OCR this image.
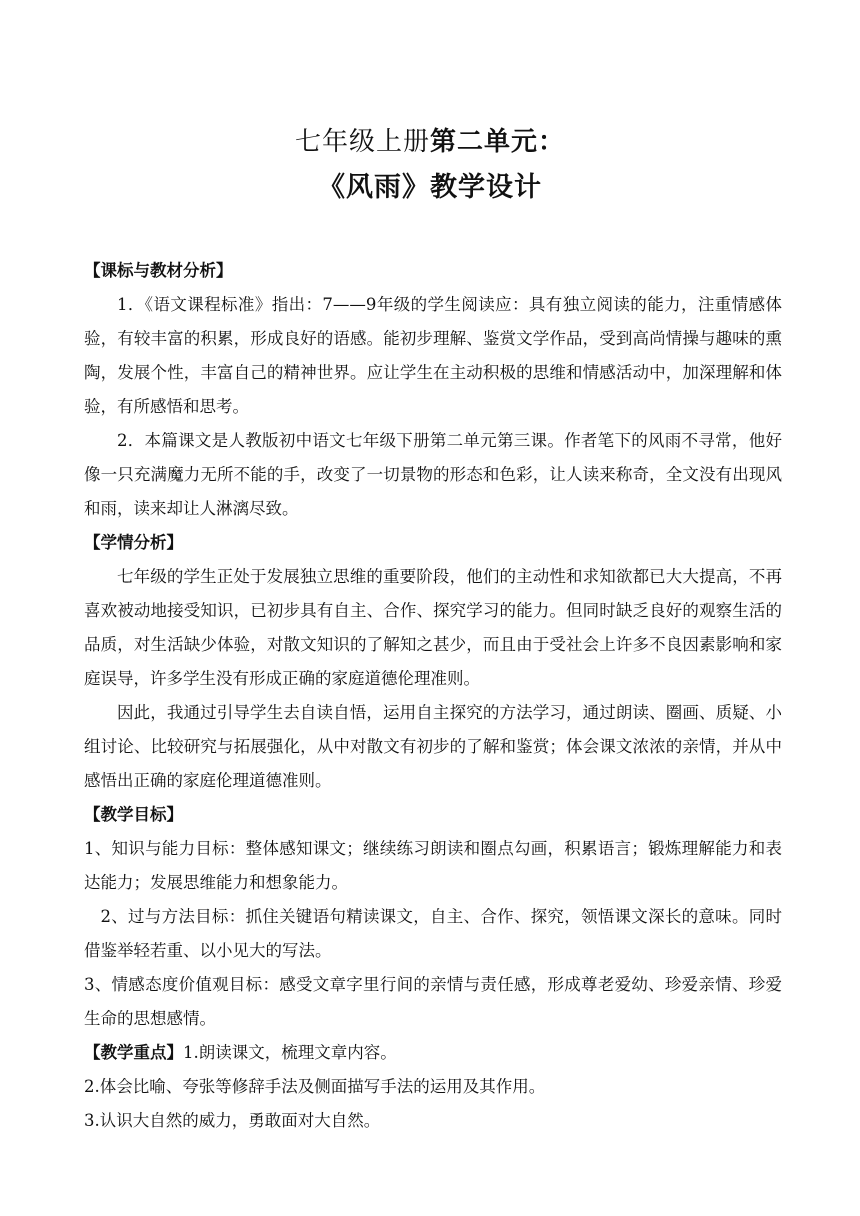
七年级上册第二单元：
《风雨》教学设计

【课标与教材分析】

1．《语文课程标准》指出：7——9年级的学生阅读应：具有独立阅读的能力，注重情感体验，有较丰富的积累，形成良好的语感。能初步理解、鉴赏文学作品，受到高尚情操与趣味的熏陶，发展个性，丰富自己的精神世界。应让学生在主动积极的思维和情感活动中，加深理解和体验，有所感悟和思考。

2．本篇课文是人教版初中语文七年级下册第二单元第三课。作者笔下的风雨不寻常，他好像一只充满魔力无所不能的手，改变了一切景物的形态和色彩，让人读来称奇，全文没有出现风和雨，读来却让人淋漓尽致。

【学情分析】

七年级的学生正处于发展独立思维的重要阶段，他们的主动性和求知欲都已大大提高，不再喜欢被动地接受知识，已初步具有自主、合作、探究学习的能力。但同时缺乏良好的观察生活的品质，对生活缺少体验，对散文知识的了解知之甚少，而且由于受社会上许多不良因素影响和家庭误导，许多学生没有形成正确的家庭道德伦理准则。

因此，我通过引导学生去自读自悟，运用自主探究的方法学习，通过朗读、圈画、质疑、小组讨论、比较研究与拓展强化，从中对散文有初步的了解和鉴赏；体会课文浓浓的亲情，并从中感悟出正确的家庭伦理道德准则。

【教学目标】

1、知识与能力目标：整体感知课文；继续练习朗读和圈点勾画，积累语言；锻炼理解能力和表达能力；发展思维能力和想象能力。

2、过与方法目标：抓住关键语句精读课文，自主、合作、探究，领悟课文深长的意味。同时借鉴举轻若重、以小见大的写法。

3、情感态度价值观目标：感受文章字里行间的亲情与责任感，形成尊老爱幼、珍爱亲情、珍爱生命的思想感情。

【教学重点】1.朗读课文，梳理文章内容。

2.体会比喻、夸张等修辞手法及侧面描写手法的运用及其作用。

3.认识大自然的威力，勇敢面对大自然。
